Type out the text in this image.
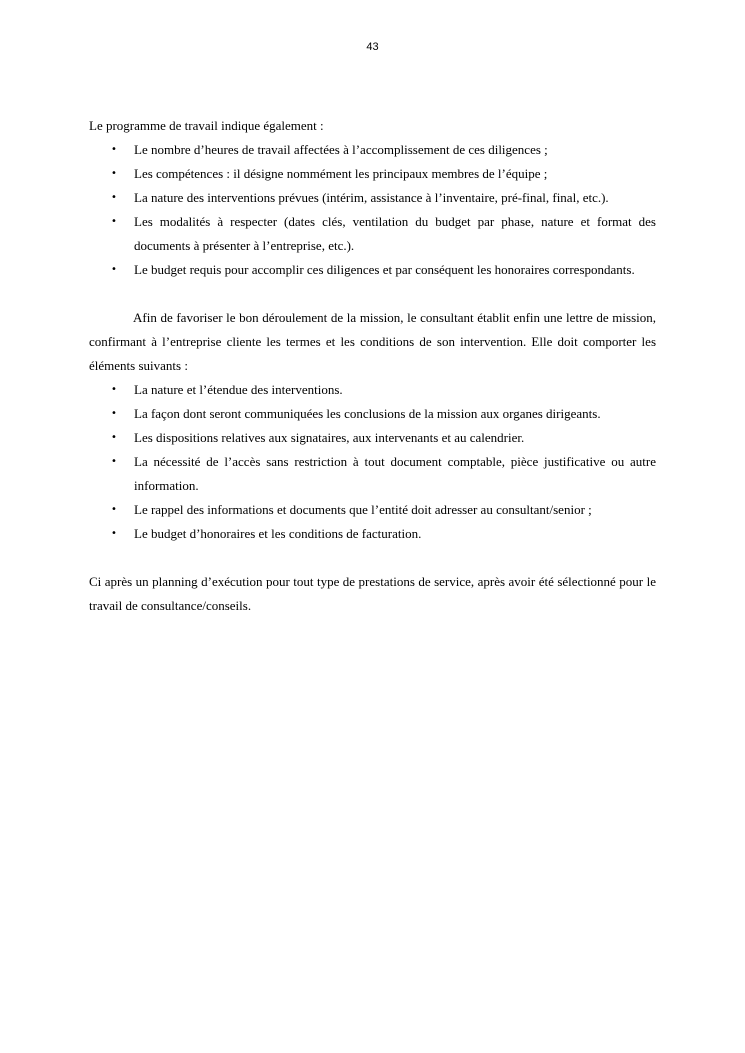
43

Le programme de travail indique également :

• Le nombre d’heures de travail affectées à l’accomplissement de ces diligences ;
• Les compétences : il désigne nommément les principaux membres de l’équipe ;
• La nature des interventions prévues (intérim, assistance à l’inventaire, pré-final, final, etc.).
• Les modalités à respecter (dates clés, ventilation du budget par phase, nature et format des documents à présenter à l’entreprise, etc.).
• Le budget requis pour accomplir ces diligences et par conséquent les honoraires correspondants.

Afin de favoriser le bon déroulement de la mission, le consultant établit enfin une lettre de mission, confirmant à l’entreprise cliente les termes et les conditions de son intervention. Elle doit comporter les éléments suivants :

• La nature et l’étendue des interventions.
• La façon dont seront communiquées les conclusions de la mission aux organes dirigeants.
• Les dispositions relatives aux signataires, aux intervenants et au calendrier.
• La nécessité de l’accès sans restriction à tout document comptable, pièce justificative ou autre information.
• Le rappel des informations et documents que l’entité doit adresser au consultant/senior ;
• Le budget d’honoraires et les conditions de facturation.

Ci après un planning d’exécution pour tout type de prestations de service, après avoir été sélectionné pour le travail de consultance/conseils.
